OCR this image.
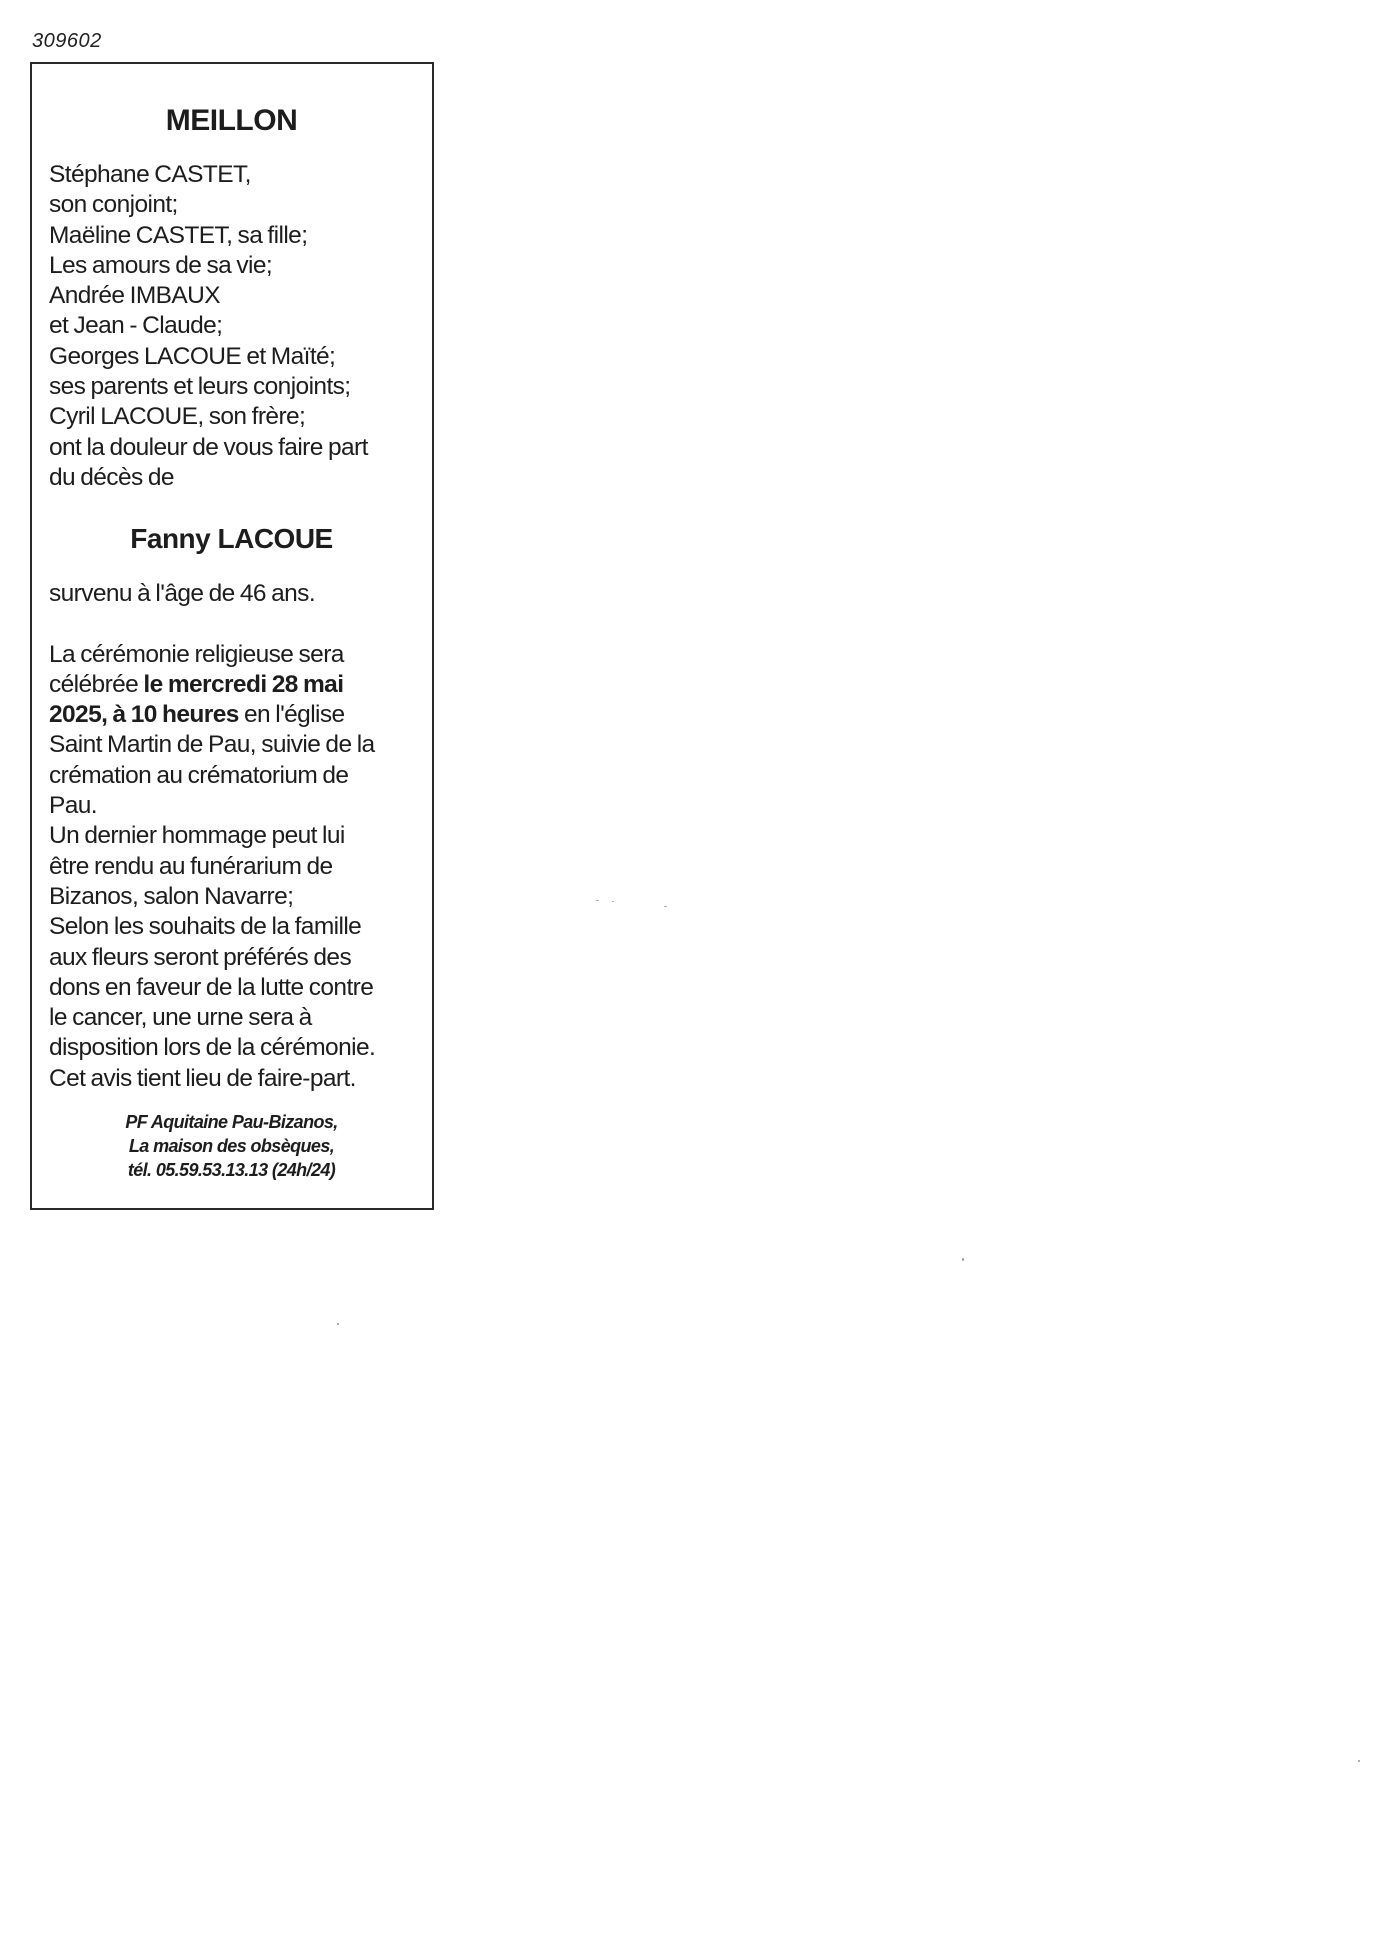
309602
MEILLON
Stéphane CASTET,
son conjoint;
Maëline CASTET, sa fille;
Les amours de sa vie;
Andrée IMBAUX
et Jean - Claude;
Georges LACOUE et Maïté;
ses parents et leurs conjoints;
Cyril LACOUE, son frère;
ont la douleur de vous faire part
du décès de
Fanny LACOUE
survenu à l'âge de 46 ans.
La cérémonie religieuse sera
célébrée le mercredi 28 mai
2025, à 10 heures en l'église
Saint Martin de Pau, suivie de la
crémation au crématorium de
Pau.
Un dernier hommage peut lui
être rendu au funérarium de
Bizanos, salon Navarre;
Selon les souhaits de la famille
aux fleurs seront préférés des
dons en faveur de la lutte contre
le cancer, une urne sera à
disposition lors de la cérémonie.
Cet avis tient lieu de faire-part.
PF Aquitaine Pau-Bizanos,
La maison des obsèques,
tél. 05.59.53.13.13 (24h/24)
